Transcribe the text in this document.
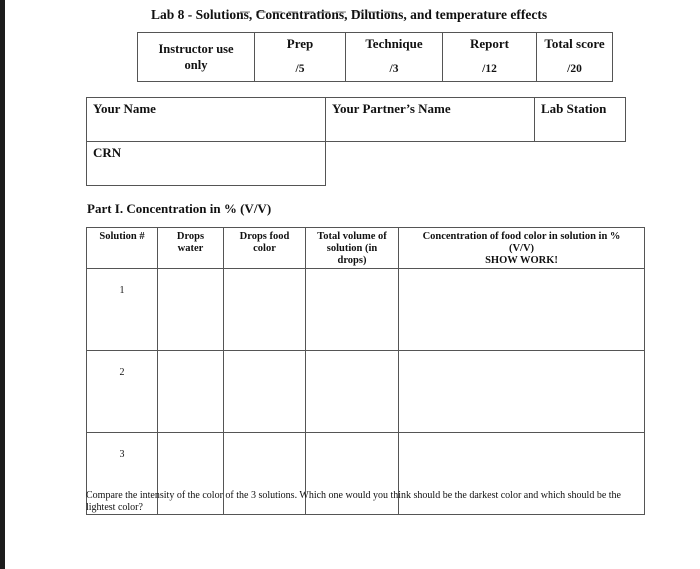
Lab 8 - Solutions, Concentrations, Dilutions, and temperature effects
Instructor use
only	Prep	Technique	Report	Total score
	/5	/3	/12	/20
Your Name	Your Partner’s Name	Lab Station
CRN		
Part I. Concentration in % (V/V)
Solution #	Drops water	Drops food color	Total volume of solution (in drops)	Concentration of food color in solution in % (V/V)
SHOW WORK!

1				
2				
3				
Compare the intensity of the color of the 3 solutions. Which one would you think should be the darkest color and which should be the lightest color?
